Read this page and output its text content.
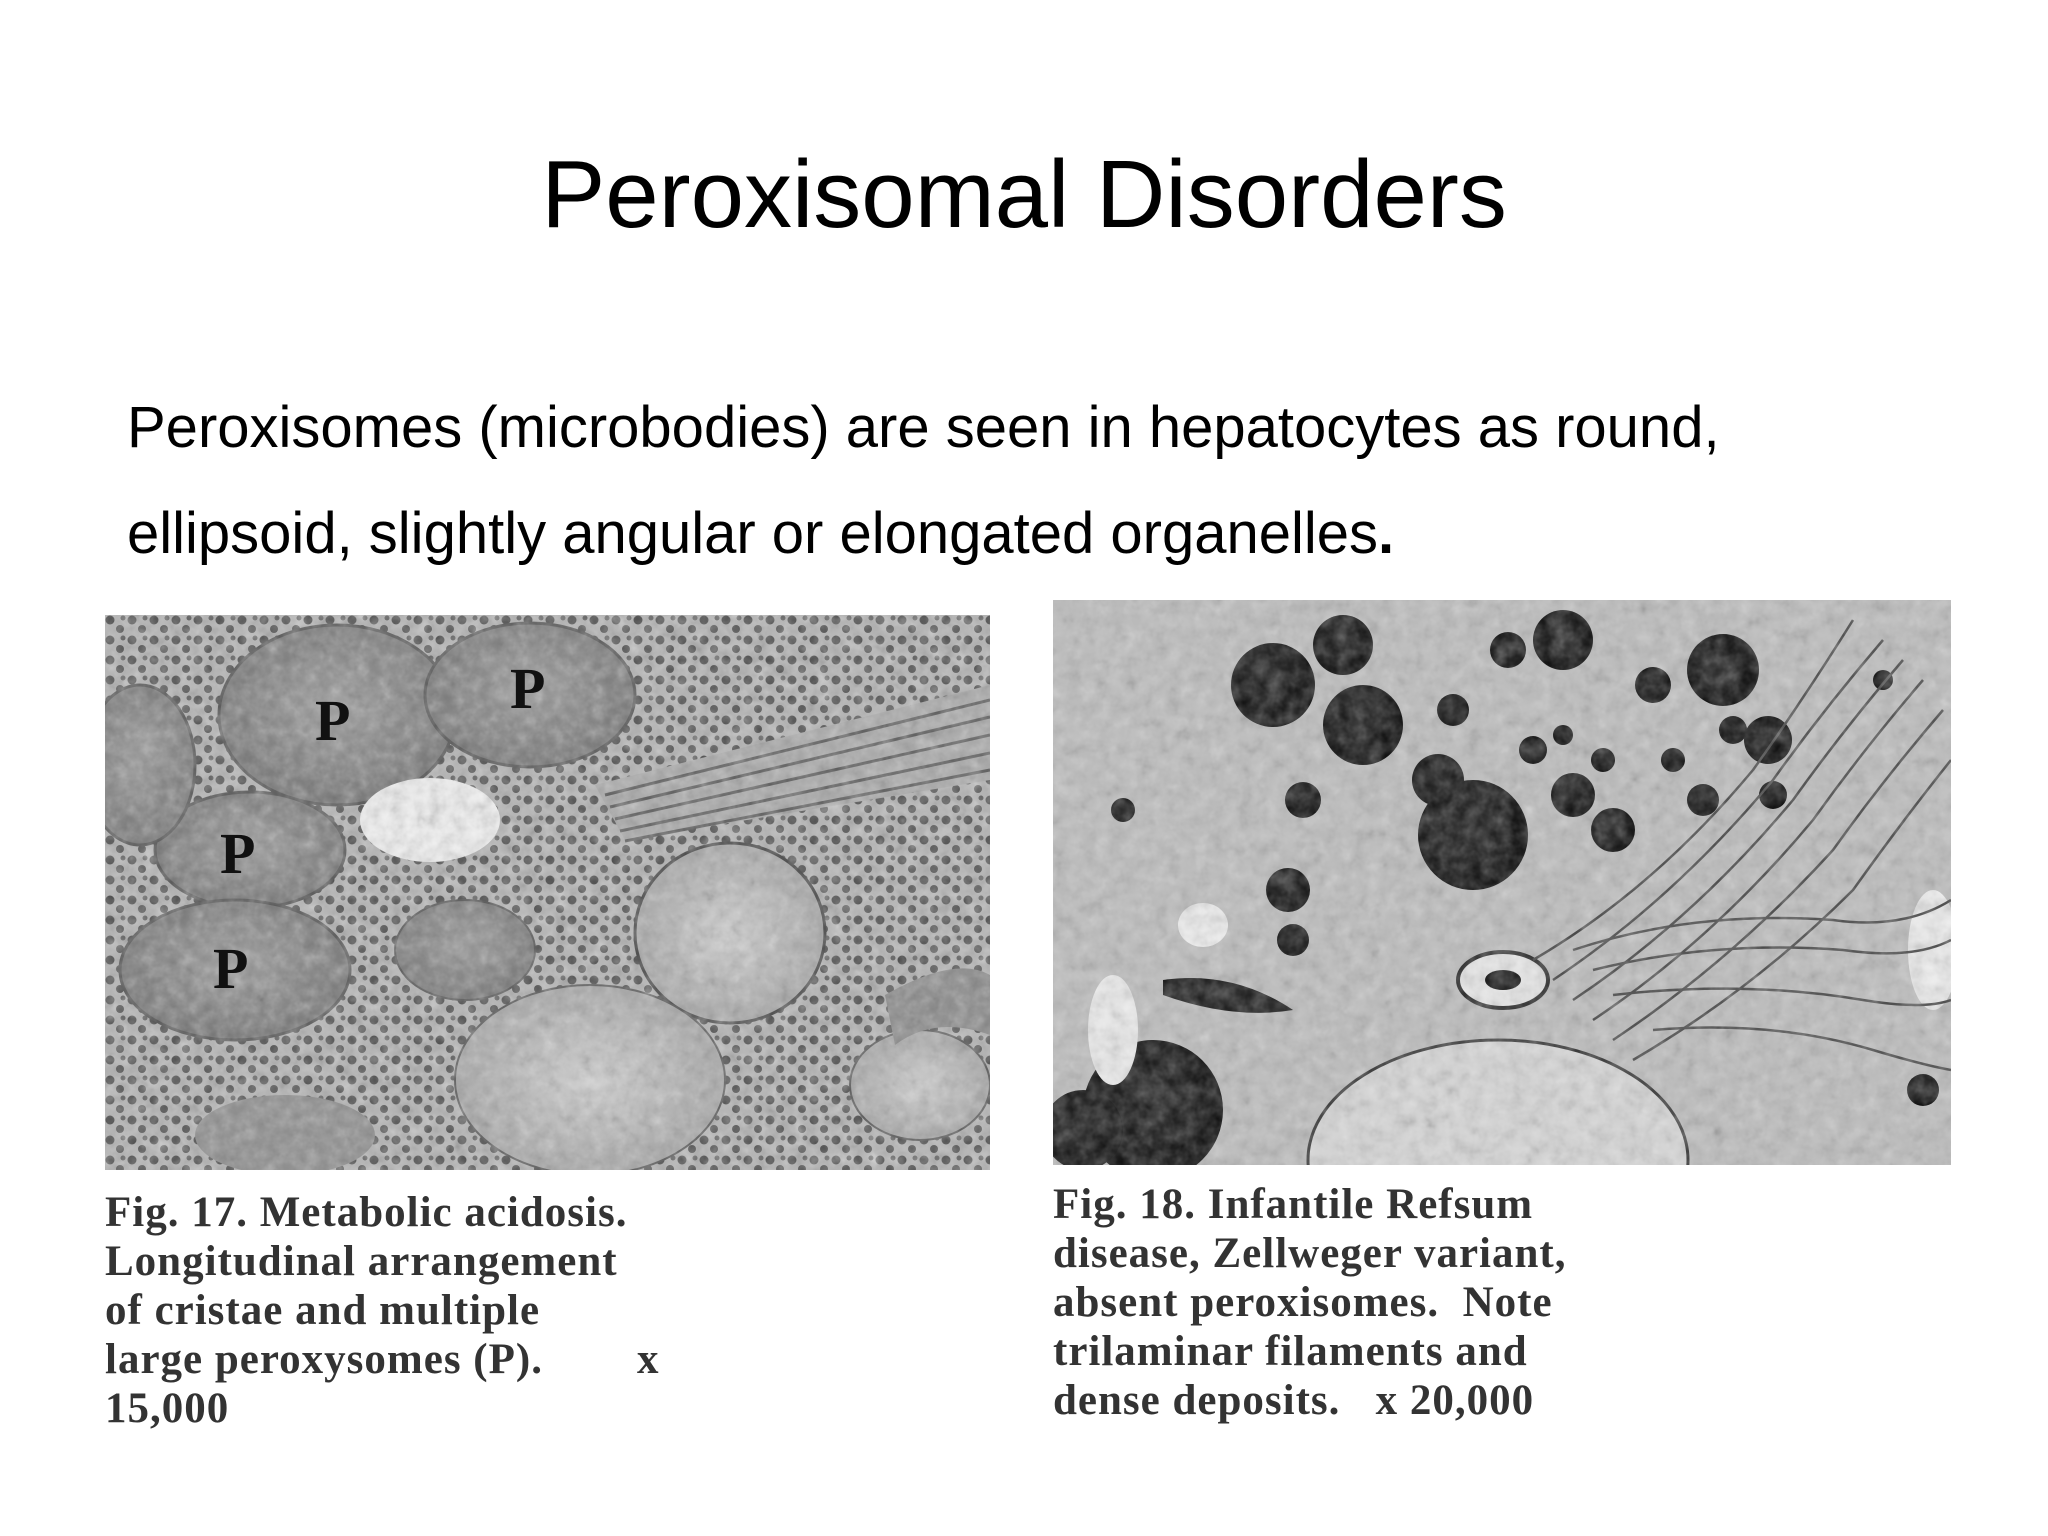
Peroxisomal Disorders

Peroxisomes (microbodies) are seen in hepatocytes as round, ellipsoid, slightly angular or elongated organelles.

P	P
P
P

Fig. 17. Metabolic acidosis.
Longitudinal arrangement
of cristae and multiple
large peroxysomes (P).        x
15,000

Fig. 18. Infantile Refsum
disease, Zellweger variant,
absent peroxisomes.  Note
trilaminar filaments and
dense deposits.   x 20,000
